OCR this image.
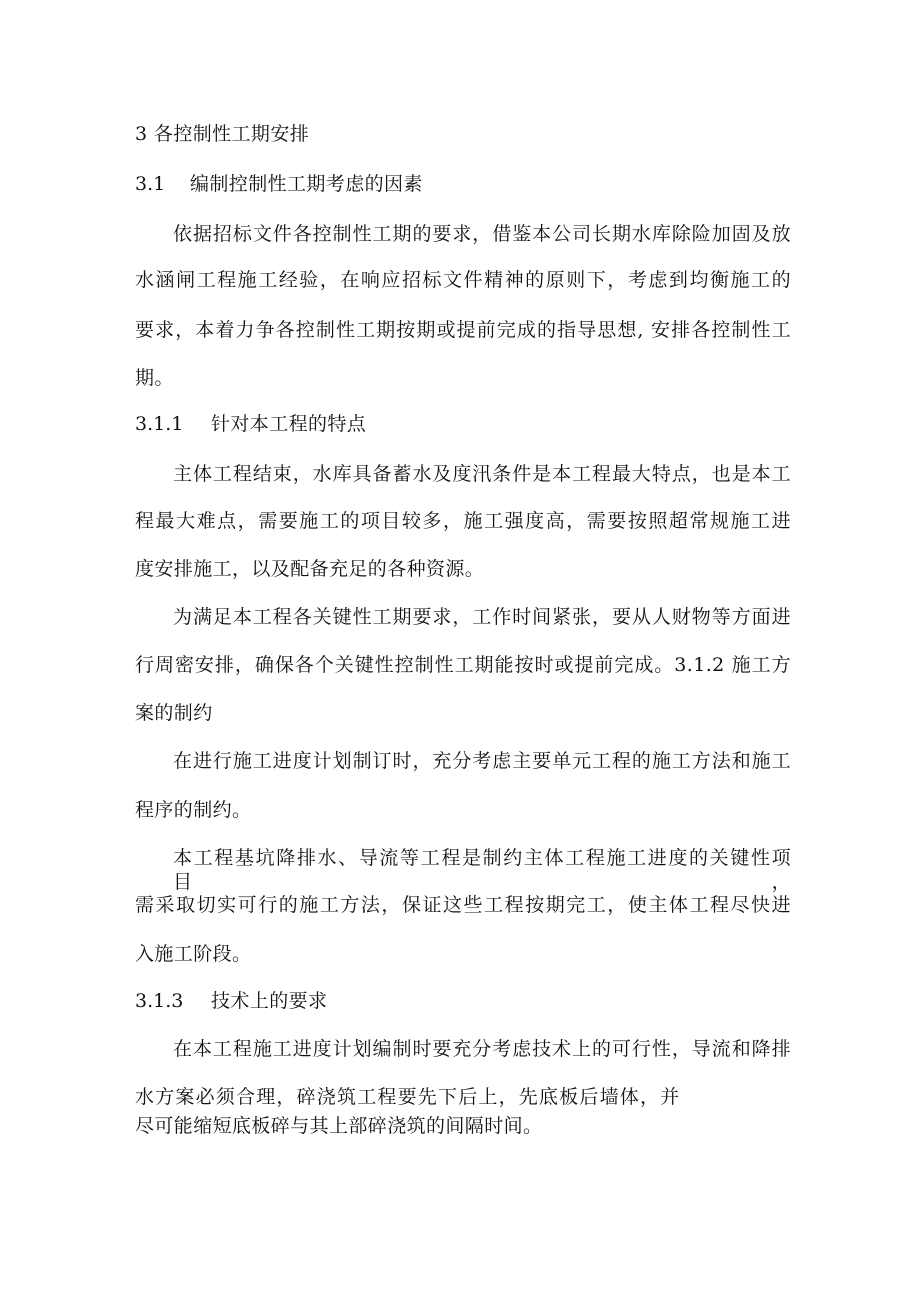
3 各控制性工期安排
3.1 编制控制性工期考虑的因素
依据招标文件各控制性工期的要求，借鉴本公司长期水库除险加固及放
水涵闸工程施工经验，在响应招标文件精神的原则下，考虑到均衡施工的
要求，本着力争各控制性工期按期或提前完成的指导思想, 安排各控制性工
期。
3.1.1 针对本工程的特点
主体工程结束，水库具备蓄水及度汛条件是本工程最大特点，也是本工
程最大难点，需要施工的项目较多，施工强度高，需要按照超常规施工进
度安排施工，以及配备充足的各种资源。
为满足本工程各关键性工期要求，工作时间紧张，要从人财物等方面进
行周密安排，确保各个关键性控制性工期能按时或提前完成。3.1.2 施工方
案的制约
在进行施工进度计划制订时，充分考虑主要单元工程的施工方法和施工
程序的制约。
本工程基坑降排水、导流等工程是制约主体工程施工进度的关键性项目，
需采取切实可行的施工方法，保证这些工程按期完工，使主体工程尽快进
入施工阶段。
3.1.3 技术上的要求
在本工程施工进度计划编制时要充分考虑技术上的可行性，导流和降排
水方案必须合理，碎浇筑工程要先下后上，先底板后墙体，并
尽可能缩短底板碎与其上部碎浇筑的间隔时间。
